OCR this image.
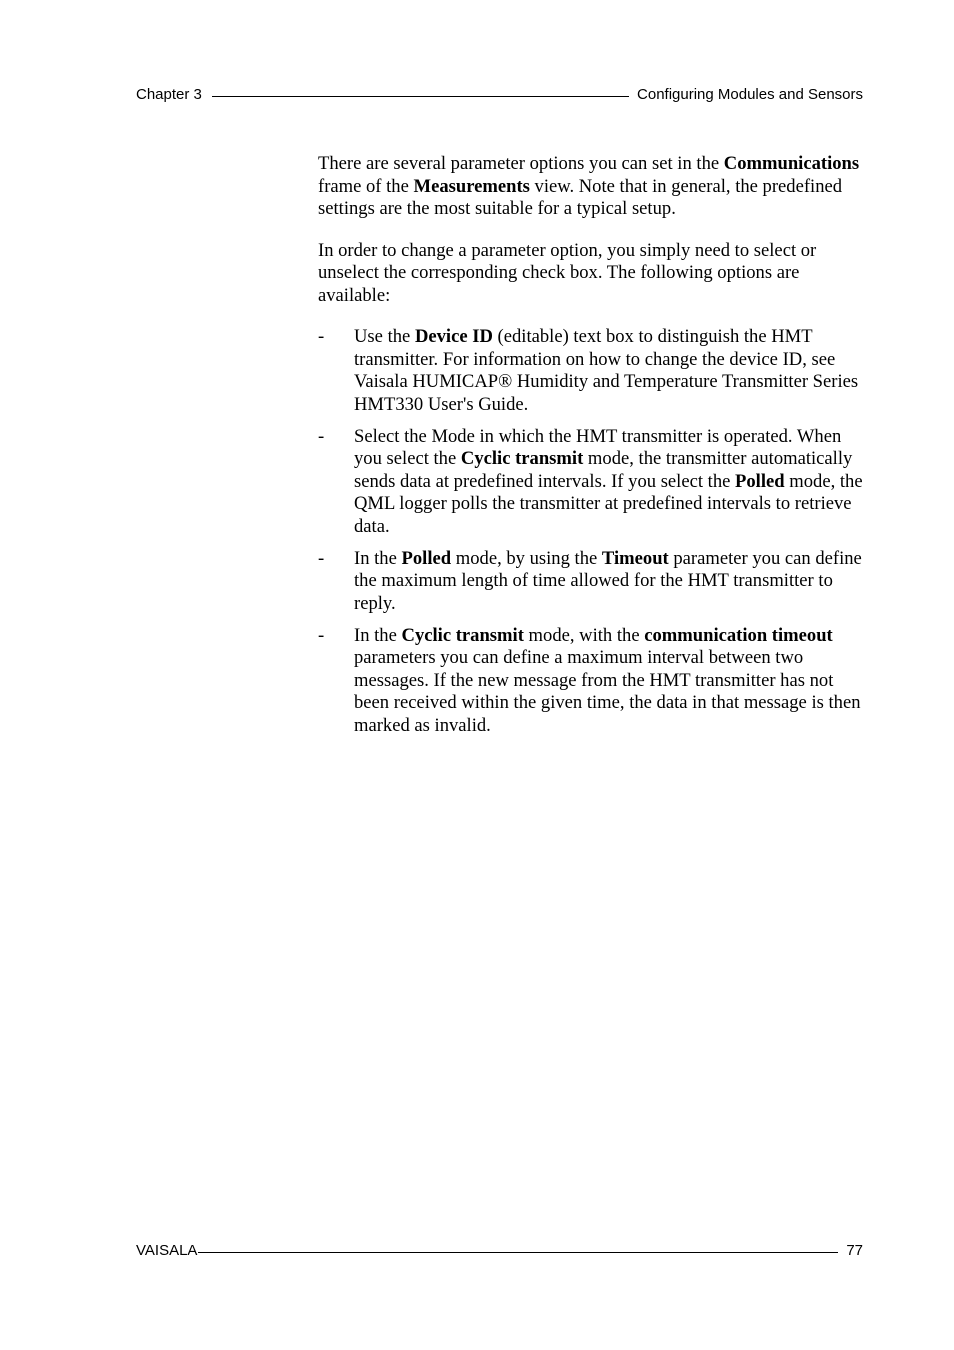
Chapter 3	Configuring Modules and Sensors

There are several parameter options you can set in the Communications frame of the Measurements view. Note that in general, the predefined settings are the most suitable for a typical setup.

In order to change a parameter option, you simply need to select or unselect the corresponding check box. The following options are available:

- Use the Device ID (editable) text box to distinguish the HMT transmitter. For information on how to change the device ID, see Vaisala HUMICAP® Humidity and Temperature Transmitter Series HMT330 User's Guide.
- Select the Mode in which the HMT transmitter is operated. When you select the Cyclic transmit mode, the transmitter automatically sends data at predefined intervals. If you select the Polled mode, the QML logger polls the transmitter at predefined intervals to retrieve data.
- In the Polled mode, by using the Timeout parameter you can define the maximum length of time allowed for the HMT transmitter to reply.
- In the Cyclic transmit mode, with the communication timeout parameters you can define a maximum interval between two messages. If the new message from the HMT transmitter has not been received within the given time, the data in that message is then marked as invalid.
VAISALA	77
